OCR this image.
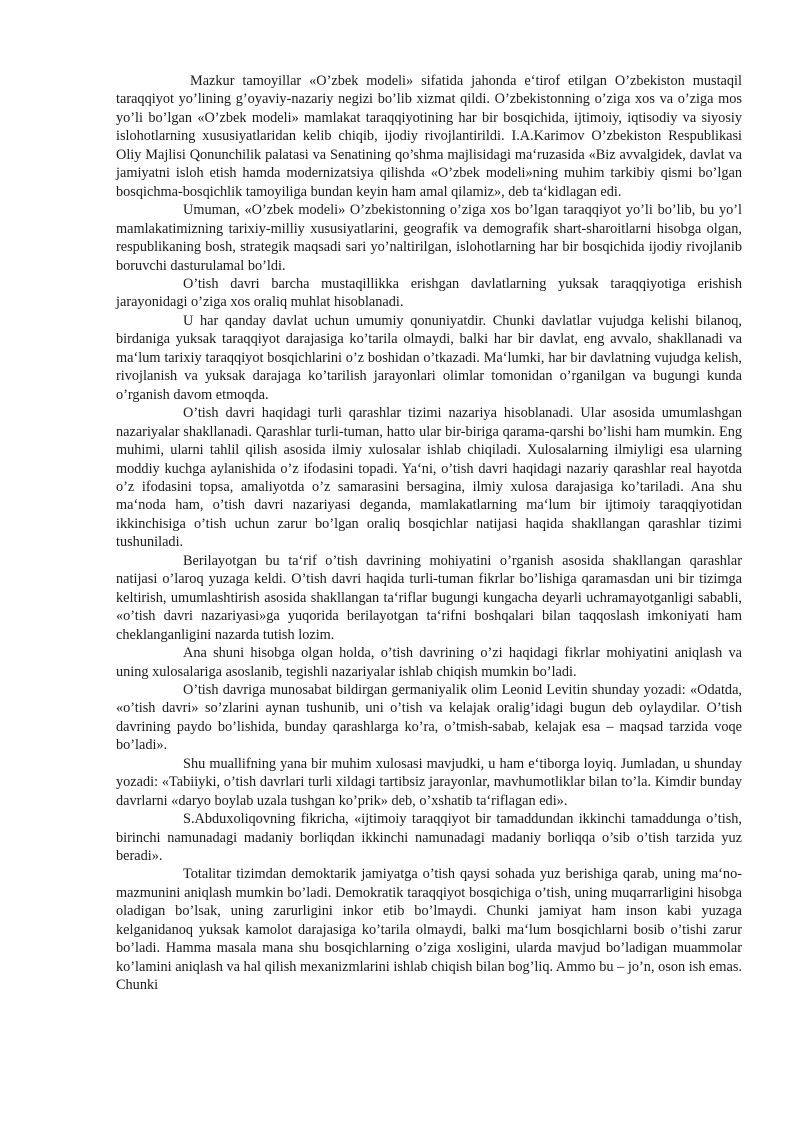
Mazkur tamoyillar «O’zbek modeli» sifatida jahonda e‘tirof etilgan O’zbekiston mustaqil taraqqiyot yo’lining g’oyaviy-nazariy negizi bo’lib xizmat qildi. O’zbekistonning o’ziga xos va o’ziga mos yo’li bo’lgan «O’zbek modeli» mamlakat taraqqiyotining har bir bosqichida, ijtimoiy, iqtisodiy va siyosiy islohotlarning xususiyatlaridan kelib chiqib, ijodiy rivojlantirildi. I.A.Karimov O’zbekiston Respublikasi Oliy Majlisi Qonunchilik palatasi va Senatining qo’shma majlisidagi ma‘ruzasida «Biz avvalgidek, davlat va jamiyatni isloh etish hamda modernizatsiya qilishda «O’zbek modeli»ning muhim tarkibiy qismi bo’lgan bosqichma-bosqichlik tamoyiliga bundan keyin ham amal qilamiz», deb ta‘kidlagan edi.

Umuman, «O’zbek modeli» O’zbekistonning o’ziga xos bo’lgan taraqqiyot yo’li bo’lib, bu yo’l mamlakatimizning tarixiy-milliy xususiyatlarini, geografik va demografik shart-sharoitlarni hisobga olgan, respublikaning bosh, strategik maqsadi sari yo’naltirilgan, islohotlarning har bir bosqichida ijodiy rivojlanib boruvchi dasturulamal bo’ldi.

O’tish davri barcha mustaqillikka erishgan davlatlarning yuksak taraqqiyotiga erishish jarayonidagi o’ziga xos oraliq muhlat hisoblanadi.

U har qanday davlat uchun umumiy qonuniyatdir. Chunki davlatlar vujudga kelishi bilanoq, birdaniga yuksak taraqqiyot darajasiga ko’tarila olmaydi, balki har bir davlat, eng avvalo, shakllanadi va ma‘lum tarixiy taraqqiyot bosqichlarini o’z boshidan o’tkazadi. Ma‘lumki, har bir davlatning vujudga kelish, rivojlanish va yuksak darajaga ko’tarilish jarayonlari olimlar tomonidan o’rganilgan va bugungi kunda o’rganish davom etmoqda.

O’tish davri haqidagi turli qarashlar tizimi nazariya hisoblanadi. Ular asosida umumlashgan nazariyalar shakllanadi. Qarashlar turli-tuman, hatto ular bir-biriga qarama-qarshi bo’lishi ham mumkin. Eng muhimi, ularni tahlil qilish asosida ilmiy xulosalar ishlab chiqiladi. Xulosalarning ilmiyligi esa ularning moddiy kuchga aylanishida o’z ifodasini topadi. Ya‘ni, o’tish davri haqidagi nazariy qarashlar real hayotda o’z ifodasini topsa, amaliyotda o’z samarasini bersagina, ilmiy xulosa darajasiga ko’tariladi. Ana shu ma‘noda ham, o’tish davri nazariyasi deganda, mamlakatlarning ma‘lum bir ijtimoiy taraqqiyotidan ikkinchisiga o’tish uchun zarur bo’lgan oraliq bosqichlar natijasi haqida shakllangan qarashlar tizimi tushuniladi.

Berilayotgan bu ta‘rif o’tish davrining mohiyatini o’rganish asosida shakllangan qarashlar natijasi o’laroq yuzaga keldi. O’tish davri haqida turli-tuman fikrlar bo’lishiga qaramasdan uni bir tizimga keltirish, umumlashtirish asosida shakllangan ta‘riflar bugungi kungacha deyarli uchramayotganligi sababli, «o’tish davri nazariyasi»ga yuqorida berilayotgan ta‘rifni boshqalari bilan taqqoslash imkoniyati ham cheklanganligini nazarda tutish lozim.

Ana shuni hisobga olgan holda, o’tish davrining o’zi haqidagi fikrlar mohiyatini aniqlash va uning xulosalariga asoslanib, tegishli nazariyalar ishlab chiqish mumkin bo’ladi.

O’tish davriga munosabat bildirgan germaniyalik olim Leonid Levitin shunday yozadi: «Odatda, «o’tish davri» so’zlarini aynan tushunib, uni o’tish va kelajak oralig’idagi bugun deb oylaydilar. O’tish davrining paydo bo’lishida, bunday qarashlarga ko’ra, o’tmish-sabab, kelajak esa – maqsad tarzida voqe bo’ladi».

Shu muallifning yana bir muhim xulosasi mavjudki, u ham e‘tiborga loyiq. Jumladan, u shunday yozadi: «Tabiiyki, o’tish davrlari turli xildagi tartibsiz jarayonlar, mavhumotliklar bilan to’la. Kimdir bunday davrlarni «daryo boylab uzala tushgan ko’prik» deb, o’xshatib ta‘riflagan edi».

S.Abduxoliqovning fikricha, «ijtimoiy taraqqiyot bir tamaddundan ikkinchi tamaddunga o’tish, birinchi namunadagi madaniy borliqdan ikkinchi namunadagi madaniy borliqqa o’sib o’tish tarzida yuz beradi».

Totalitar tizimdan demoktarik jamiyatga o’tish qaysi sohada yuz berishiga qarab, uning ma‘no-mazmunini aniqlash mumkin bo’ladi. Demokratik taraqqiyot bosqichiga o’tish, uning muqarrarligini hisobga oladigan bo’lsak, uning zarurligini inkor etib bo’lmaydi. Chunki jamiyat ham inson kabi yuzaga kelganidanoq yuksak kamolot darajasiga ko’tarila olmaydi, balki ma‘lum bosqichlarni bosib o’tishi zarur bo’ladi. Hamma masala mana shu bosqichlarning o’ziga xosligini, ularda mavjud bo’ladigan muammolar ko’lamini aniqlash va hal qilish mexanizmlarini ishlab chiqish bilan bog’liq. Ammo bu – jo’n, oson ish emas. Chunki
